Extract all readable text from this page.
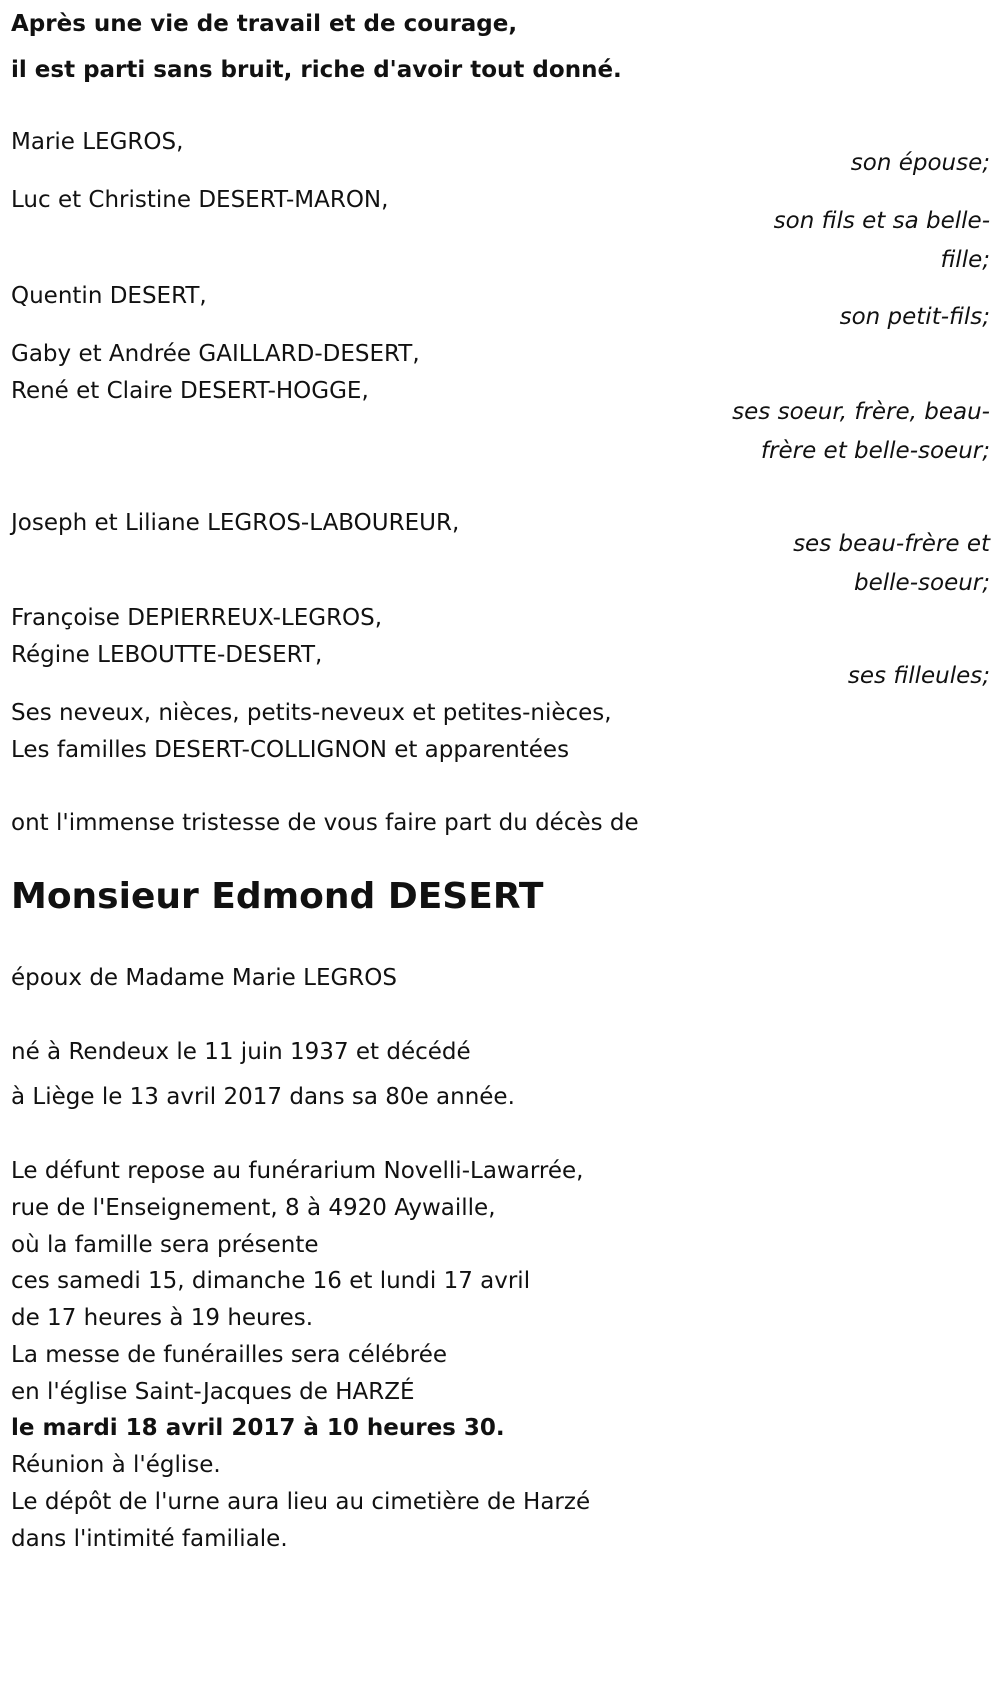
Après une vie de travail et de courage,
il est parti sans bruit, riche d'avoir tout donné.
Marie LEGROS,
son épouse;
Luc et Christine DESERT-MARON,
son fils et sa belle-fille;
Quentin DESERT,
son petit-fils;
Gaby et Andrée GAILLARD-DESERT,
René et Claire DESERT-HOGGE,
ses soeur, frère, beau-frère et belle-soeur;
Joseph et Liliane LEGROS-LABOUREUR,
ses beau-frère et belle-soeur;
Françoise DEPIERREUX-LEGROS,
Régine LEBOUTTE-DESERT,
ses filleules;
Ses neveux, nièces, petits-neveux et petites-nièces,
Les familles DESERT-COLLIGNON et apparentées
ont l'immense tristesse de vous faire part du décès de
Monsieur Edmond DESERT
époux de Madame Marie LEGROS
né à Rendeux le 11 juin 1937 et décédé
à Liège le 13 avril 2017 dans sa 80e année.
Le défunt repose au funérarium Novelli-Lawarrée,
rue de l'Enseignement, 8 à 4920 Aywaille,
où la famille sera présente
ces samedi 15, dimanche 16 et lundi 17 avril
de 17 heures à 19 heures.
La messe de funérailles sera célébrée
en l'église Saint-Jacques de HARZÉ
le mardi 18 avril 2017 à 10 heures 30.
Réunion à l'église.
Le dépôt de l'urne aura lieu au cimetière de Harzé
dans l'intimité familiale.
